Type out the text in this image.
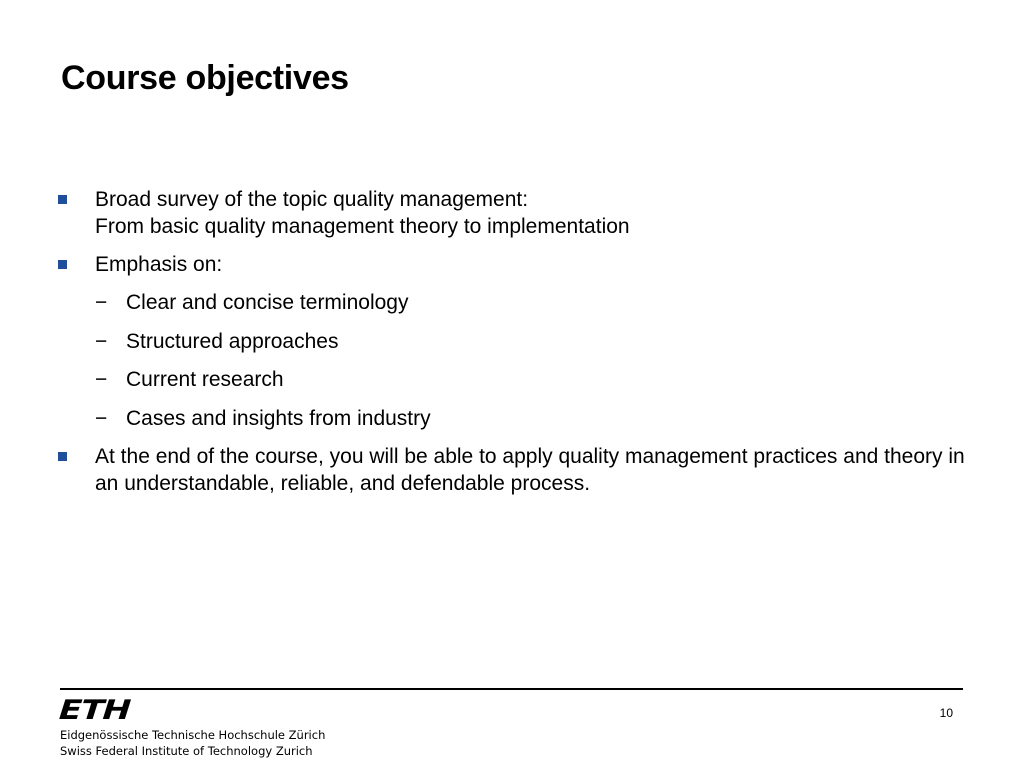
Course objectives
Broad survey of the topic quality management:
From basic quality management theory to implementation
Emphasis on:
− Clear and concise terminology
− Structured approaches
− Current research
− Cases and insights from industry
At the end of the course, you will be able to apply quality management practices and theory in an understandable, reliable, and defendable process.
ETH
Eidgenössische Technische Hochschule Zürich
Swiss Federal Institute of Technology Zurich
10
